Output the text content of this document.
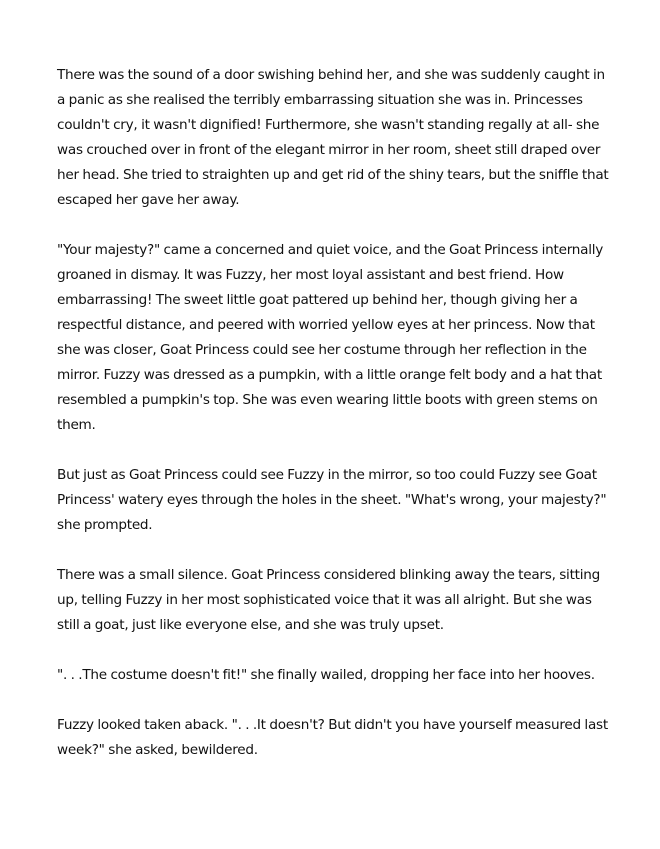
There was the sound of a door swishing behind her, and she was suddenly caught in a panic as she realised the terribly embarrassing situation she was in. Princesses couldn't cry, it wasn't dignified! Furthermore, she wasn't standing regally at all- she was crouched over in front of the elegant mirror in her room, sheet still draped over her head. She tried to straighten up and get rid of the shiny tears, but the sniffle that escaped her gave her away.

"Your majesty?" came a concerned and quiet voice, and the Goat Princess internally groaned in dismay. It was Fuzzy, her most loyal assistant and best friend. How embarrassing! The sweet little goat pattered up behind her, though giving her a respectful distance, and peered with worried yellow eyes at her princess. Now that she was closer, Goat Princess could see her costume through her reflection in the mirror. Fuzzy was dressed as a pumpkin, with a little orange felt body and a hat that resembled a pumpkin's top. She was even wearing little boots with green stems on them.

But just as Goat Princess could see Fuzzy in the mirror, so too could Fuzzy see Goat Princess' watery eyes through the holes in the sheet. "What's wrong, your majesty?" she prompted.

There was a small silence. Goat Princess considered blinking away the tears, sitting up, telling Fuzzy in her most sophisticated voice that it was all alright. But she was still a goat, just like everyone else, and she was truly upset.

". . .The costume doesn't fit!" she finally wailed, dropping her face into her hooves.

Fuzzy looked taken aback. ". . .It doesn't? But didn't you have yourself measured last week?" she asked, bewildered.
